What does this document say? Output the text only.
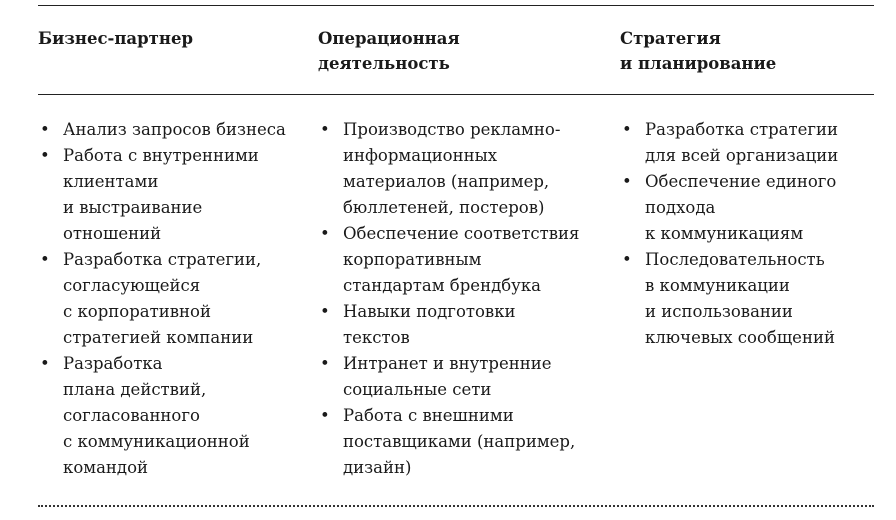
Бизнес-партнер
• Анализ запросов бизнеса
• Работа с внутренними
клиентами
и выстраивание
отношений
• Разработка стратегии,
согласующейся
с корпоративной
стратегией компании
• Разработка
плана действий,
согласованного
с коммуникационной
командой
Операционная
деятельность
• Производство рекламно-
информационных
материалов (например,
бюллетеней, постеров)
• Обеспечение соответствия
корпоративным
стандартам брендбука
• Навыки подготовки
текстов
• Интранет и внутренние
социальные сети
• Работа с внешними
поставщиками (например,
дизайн)
Стратегия
и планирование
• Разработка стратегии
для всей организации
• Обеспечение единого
подхода
к коммуникациям
• Последовательность
в коммуникации
и использовании
ключевых сообщений
